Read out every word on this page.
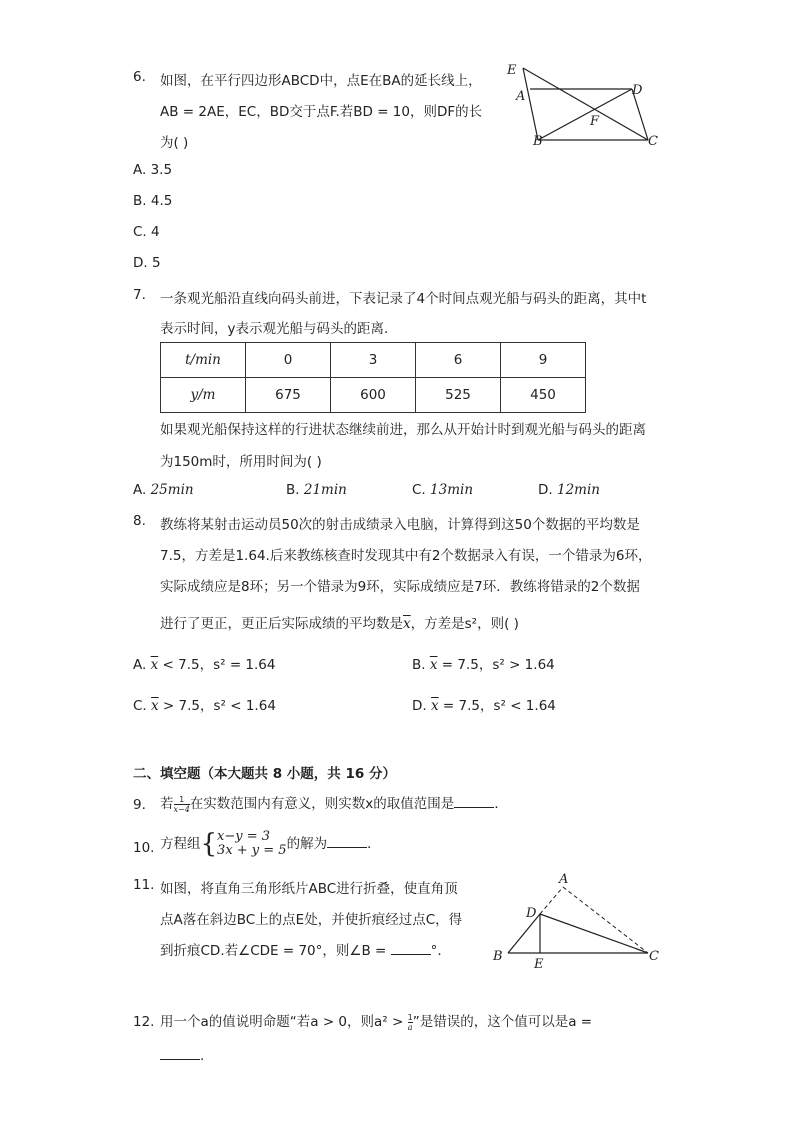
6. 如图，在平行四边形ABCD中，点E在BA的延长线上，
AB = 2AE，EC，BD交于点F.若BD = 10，则DF的长
为( )
E
A	D
F
B	C
A. 3.5
B. 4.5
C. 4
D. 5
7. 一条观光船沿直线向码头前进，下表记录了4个时间点观光船与码头的距离，其中t
表示时间，y表示观光船与码头的距离．
t/min	0	3	6	9
y/m	675	600	525	450
如果观光船保持这样的行进状态继续前进，那么从开始计时到观光船与码头的距离
为150m时，所用时间为( )
A. 25min	B. 21min	C. 13min	D. 12min
8. 教练将某射击运动员50次的射击成绩录入电脑，计算得到这50个数据的平均数是
7.5，方差是1.64.后来教练核查时发现其中有2个数据录入有误，一个错录为6环，
实际成绩应是8环；另一个错录为9环，实际成绩应是7环．教练将错录的2个数据
进行了更正，更正后实际成绩的平均数是$\overline{x}$，方差是s²，则( )
A. $\overline{x} < 7.5$，s² = 1.64	B. $\overline{x} = 7.5$，s² > 1.64
C. $\overline{x} > 7.5$，s² < 1.64	D. $\overline{x} = 7.5$，s² < 1.64
二、填空题（本大题共 8 小题，共 16 分）
9. 若 $\frac{1}{x-4}$ 在实数范围内有意义，则实数x的取值范围是	．
10. 方程组{ x−y = 3
3x + y = 5 的解为	．
11. 如图，将直角三角形纸片ABC进行折叠，使直角顶
点A落在斜边BC上的点E处，并使折痕经过点C，得
到折痕CD.若∠CDE = 70°，则∠B =	°.
A
D
B
E
C
12. 用一个a的值说明命题“若a > 0，则$a^2 > \frac{1}{a}$ ”是错误的，这个值可以是a =
.
